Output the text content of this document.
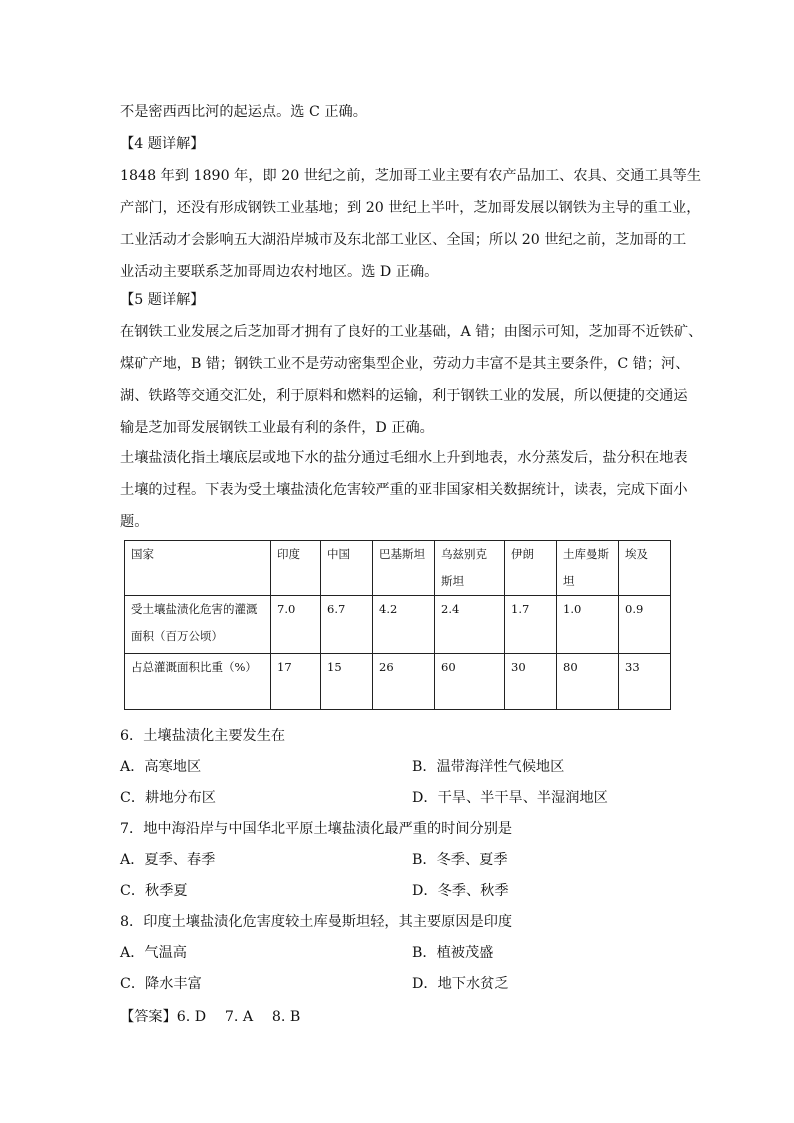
不是密西西比河的起运点。选 C 正确。
【4 题详解】
1848 年到 1890 年，即 20 世纪之前，芝加哥工业主要有农产品加工、农具、交通工具等生
产部门，还没有形成钢铁工业基地；到 20 世纪上半叶，芝加哥发展以钢铁为主导的重工业，
工业活动才会影响五大湖沿岸城市及东北部工业区、全国；所以 20 世纪之前，芝加哥的工
业活动主要联系芝加哥周边农村地区。选 D 正确。
【5 题详解】
在钢铁工业发展之后芝加哥才拥有了良好的工业基础，A 错；由图示可知，芝加哥不近铁矿、
煤矿产地，B 错；钢铁工业不是劳动密集型企业，劳动力丰富不是其主要条件，C 错；河、
湖、铁路等交通交汇处，利于原料和燃料的运输，利于钢铁工业的发展，所以便捷的交通运
输是芝加哥发展钢铁工业最有利的条件，D 正确。
土壤盐渍化指土壤底层或地下水的盐分通过毛细水上升到地表，水分蒸发后，盐分积在地表
土壤的过程。下表为受土壤盐渍化危害较严重的亚非国家相关数据统计，读表，完成下面小
题。
国家	印度	中国	巴基斯坦	乌兹别克斯坦	伊朗	土库曼斯坦	埃及
受土壤盐渍化危害的灌溉面积（百万公顷）	7.0	6.7	4.2	2.4	1.7	1.0	0.9
占总灌溉面积比重（%）	17	15	26	60	30	80	33
6．土壤盐渍化主要发生在
A．高寒地区	B．温带海洋性气候地区
C．耕地分布区	D．干旱、半干旱、半湿润地区
7．地中海沿岸与中国华北平原土壤盐渍化最严重的时间分别是
A．夏季、春季	B．冬季、夏季
C．秋季夏	D．冬季、秋季
8．印度土壤盐渍化危害度较土库曼斯坦轻，其主要原因是印度
A．气温高	B．植被茂盛
C．降水丰富	D．地下水贫乏
【答案】6. D　 7. A　 8. B
